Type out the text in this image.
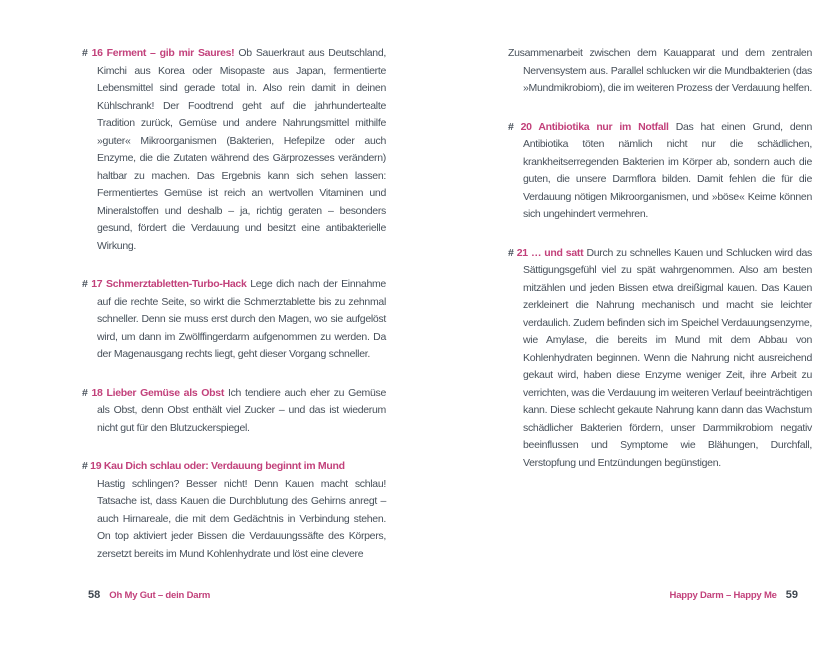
# 16 Ferment – gib mir Saures! Ob Sauerkraut aus Deutschland, Kimchi aus Korea oder Misopaste aus Japan, fermentierte Lebensmittel sind gerade total in. Also rein damit in deinen Kühlschrank! Der Foodtrend geht auf die jahrhundertealte Tradition zurück, Gemüse und andere Nahrungsmittel mithilfe »guter« Mikroorganismen (Bakterien, Hefepilze oder auch Enzyme, die die Zutaten während des Gärprozesses verändern) haltbar zu machen. Das Ergebnis kann sich sehen lassen: Fermentiertes Gemüse ist reich an wertvollen Vitaminen und Mineralstoffen und deshalb – ja, richtig geraten – besonders gesund, fördert die Verdauung und besitzt eine antibakterielle Wirkung.

# 17 Schmerztabletten-Turbo-Hack Lege dich nach der Einnahme auf die rechte Seite, so wirkt die Schmerztablette bis zu zehnmal schneller. Denn sie muss erst durch den Magen, wo sie aufgelöst wird, um dann im Zwölffingerdarm aufgenommen zu werden. Da der Magenausgang rechts liegt, geht dieser Vorgang schneller.

# 18 Lieber Gemüse als Obst Ich tendiere auch eher zu Gemüse als Obst, denn Obst enthält viel Zucker – und das ist wiederum nicht gut für den Blutzuckerspiegel.

# 19 Kau Dich schlau oder: Verdauung beginnt im Mund
Hastig schlingen? Besser nicht! Denn Kauen macht schlau! Tatsache ist, dass Kauen die Durchblutung des Gehirns anregt – auch Hirnareale, die mit dem Gedächtnis in Verbindung stehen. On top aktiviert jeder Bissen die Verdauungssäfte des Körpers, zersetzt bereits im Mund Kohlenhydrate und löst eine clevere

Zusammenarbeit zwischen dem Kauapparat und dem zentralen Nervensystem aus. Parallel schlucken wir die Mundbakterien (das »Mundmikrobiom), die im weiteren Prozess der Verdauung helfen.

# 20 Antibiotika nur im Notfall Das hat einen Grund, denn Antibiotika töten nämlich nicht nur die schädlichen, krankheitserregenden Bakterien im Körper ab, sondern auch die guten, die unsere Darmflora bilden. Damit fehlen die für die Verdauung nötigen Mikroorganismen, und »böse« Keime können sich ungehindert vermehren.

# 21 … und satt Durch zu schnelles Kauen und Schlucken wird das Sättigungsgefühl viel zu spät wahrgenommen. Also am besten mitzählen und jeden Bissen etwa dreißigmal kauen. Das Kauen zerkleinert die Nahrung mechanisch und macht sie leichter verdaulich. Zudem befinden sich im Speichel Verdauungsenzyme, wie Amylase, die bereits im Mund mit dem Abbau von Kohlenhydraten beginnen. Wenn die Nahrung nicht ausreichend gekaut wird, haben diese Enzyme weniger Zeit, ihre Arbeit zu verrichten, was die Verdauung im weiteren Verlauf beeinträchtigen kann. Diese schlecht gekaute Nahrung kann dann das Wachstum schädlicher Bakterien fördern, unser Darmmikrobiom negativ beeinflussen und Symptome wie Blähungen, Durchfall, Verstopfung und Entzündungen begünstigen.

58 Oh My Gut – dein Darm	Happy Darm – Happy Me 59
